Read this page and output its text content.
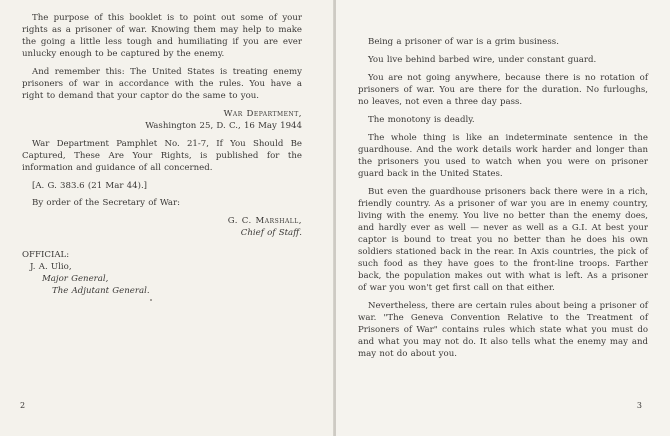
The purpose of this booklet is to point out some of your rights as a prisoner of war. Knowing them may help to make the going a little less tough and humiliating if you are ever unlucky enough to be captured by the enemy.

And remember this: The United States is treating enemy prisoners of war in accordance with the rules. You have a right to demand that your captor do the same to you.

War Department,
Washington 25, D. C., 16 May 1944

War Department Pamphlet No. 21-7, If You Should Be Captured, These Are Your Rights, is published for the information and guidance of all concerned.

[A. G. 383.6 (21 Mar 44).]
By order of the Secretary of War:
G. C. Marshall,
Chief of Staff.
OFFICIAL:
J. A. Ulio,
Major General,
The Adjutant General.
2

Being a prisoner of war is a grim business.

You live behind barbed wire, under constant guard.

You are not going anywhere, because there is no rotation of prisoners of war. You are there for the duration. No furloughs, no leaves, not even a three day pass.

The monotony is deadly.

The whole thing is like an indeterminate sentence in the guardhouse. And the work details work harder and longer than the prisoners you used to watch when you were on prisoner guard back in the United States.

But even the guardhouse prisoners back there were in a rich, friendly country. As a prisoner of war you are in enemy country, living with the enemy. You live no better than the enemy does, and hardly ever as well — never as well as a G.I. At best your captor is bound to treat you no better than he does his own soldiers stationed back in the rear. In Axis countries, the pick of such food as they have goes to the front-line troops. Farther back, the population makes out with what is left. As a prisoner of war you won't get first call on that either.

Nevertheless, there are certain rules about being a prisoner of war. "The Geneva Convention Relative to the Treatment of Prisoners of War" contains rules which state what you must do and what you may not do. It also tells what the enemy may and may not do about you.

3
